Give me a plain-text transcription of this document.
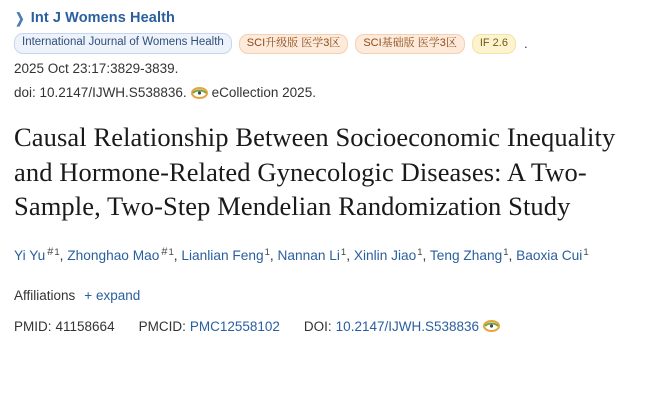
❯ Int J Womens Health
International Journal of Womens Health	SCI升级版 医学3区	SCI基础版 医学3区	IF 2.6	.
2025 Oct 23:17:3829-3839.
doi: 10.2147/IJWH.S538836. eCollection 2025.
Causal Relationship Between Socioeconomic Inequality and Hormone-Related Gynecologic Diseases: A Two-Sample, Two-Step Mendelian Randomization Study
Yi Yu $^{\#1}$, Zhonghao Mao $^{\#1}$, Lianlian Feng$^1$, Nannan Li$^1$, Xinlin Jiao$^1$, Teng Zhang$^1$, Baoxia Cui$^1$
Affiliations + expand
PMID: 41158664 PMCID: PMC12558102 DOI: 10.2147/IJWH.S538836
